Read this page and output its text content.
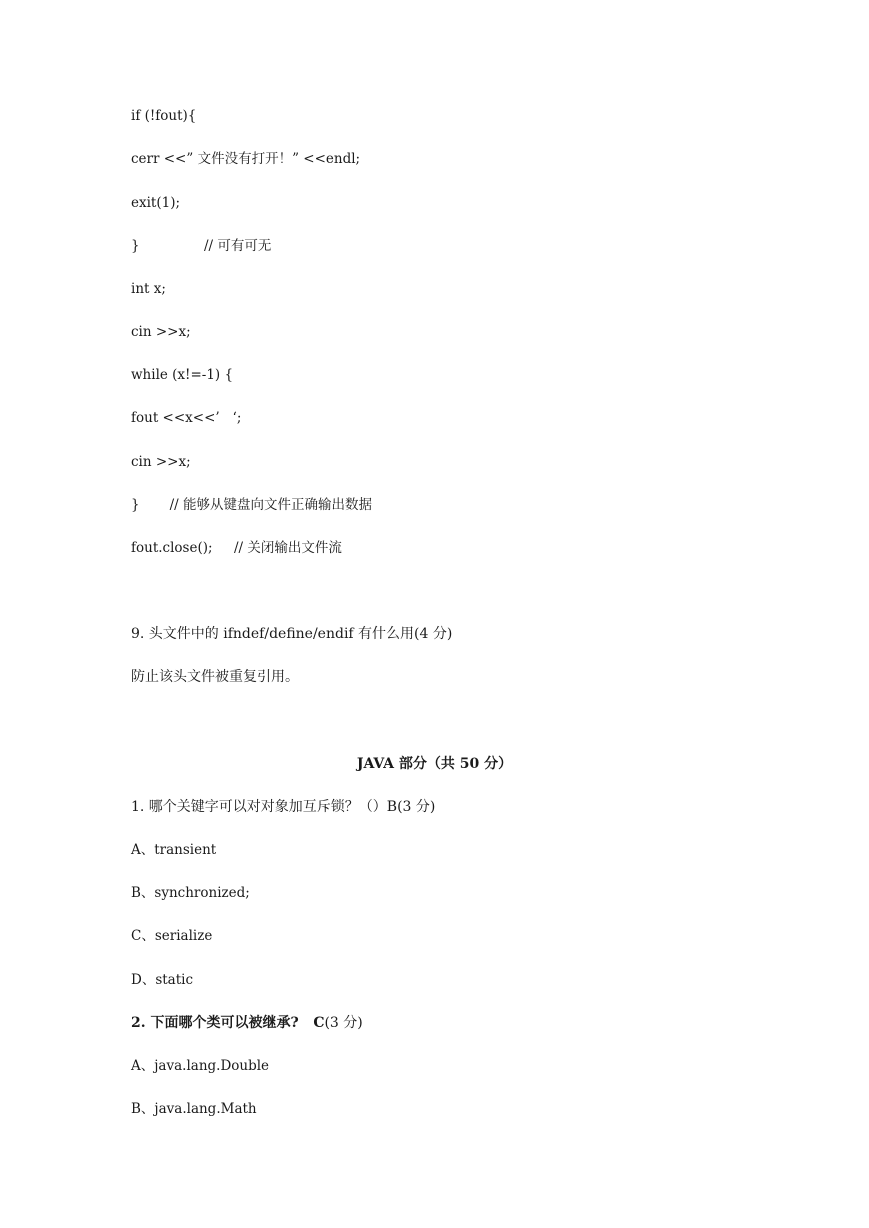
if (!fout){
cerr <<” 文件没有打开！” <<endl;
exit(1);
}               // 可有可无
int x;
cin >>x;
while (x!=-1) {
fout <<x<<’   ‘;
cin >>x;
}       // 能够从键盘向文件正确输出数据
fout.close();     // 关闭输出文件流
9. 头文件中的 ifndef/define/endif 有什么用(4 分)
防止该头文件被重复引用。
JAVA 部分（共 50 分）
1. 哪个关键字可以对对象加互斥锁？（）B(3 分)
A、transient
B、synchronized;
C、serialize
D、static
2. 下面哪个类可以被继承?   C(3 分)
A、java.lang.Double
B、java.lang.Math
